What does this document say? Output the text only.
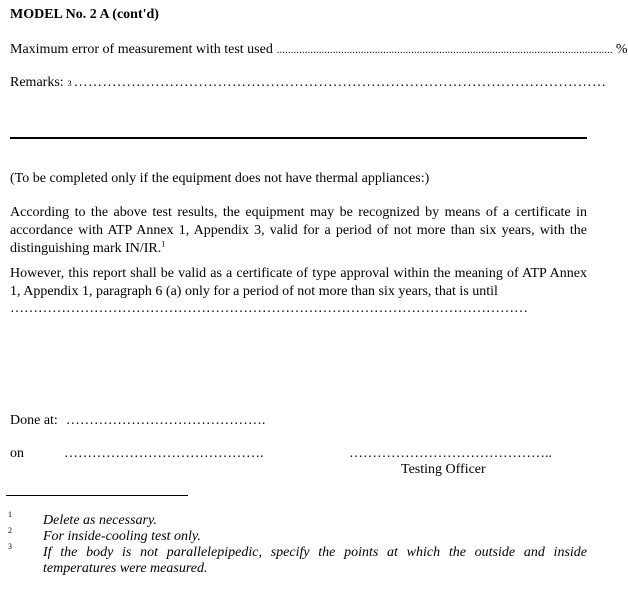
MODEL No. 2 A (cont'd)
Maximum error of measurement with test used ........................................................................................................................ %
Remarks: 3 …………………………………………………………………………………………………
(To be completed only if the equipment does not have thermal appliances:)
According to the above test results, the equipment may be recognized by means of a certificate in accordance with ATP Annex 1, Appendix 3, valid for a period of not more than six years, with the distinguishing mark IN/IR.$^1$
However, this report shall be valid as a certificate of type approval within the meaning of ATP Annex 1, Appendix 1, paragraph 6 (a) only for a period of not more than six years, that is until
…………………………………………………………………………………………………
Done at: …………………………………….
on	…………………………………….	……………………………………..
Testing Officer
1 Delete as necessary.
2 For inside-cooling test only.
3 If the body is not parallelepipedic, specify the points at which the outside and inside temperatures were measured.
